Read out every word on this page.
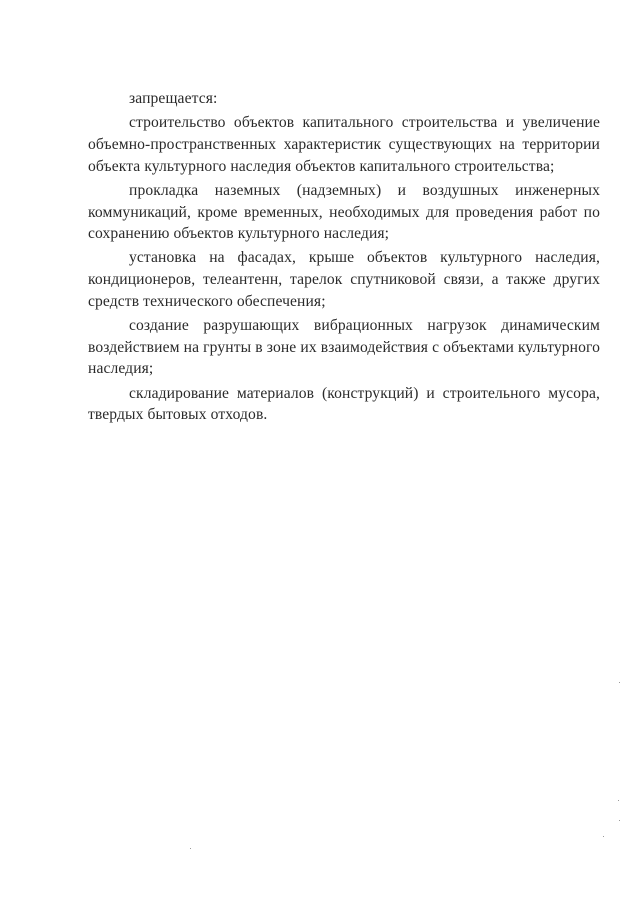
запрещается:

строительство объектов капитального строительства и увеличение объемно-пространственных характеристик существующих на территории объекта культурного наследия объектов капитального строительства;

прокладка наземных (надземных) и воздушных инженерных коммуникаций, кроме временных, необходимых для проведения работ по сохранению объектов культурного наследия;

установка на фасадах, крыше объектов культурного наследия, кондиционеров, телеантенн, тарелок спутниковой связи, а также других средств технического обеспечения;

создание разрушающих вибрационных нагрузок динамическим воздействием на грунты в зоне их взаимодействия с объектами культурного наследия;

складирование материалов (конструкций) и строительного мусора, твердых бытовых отходов.
